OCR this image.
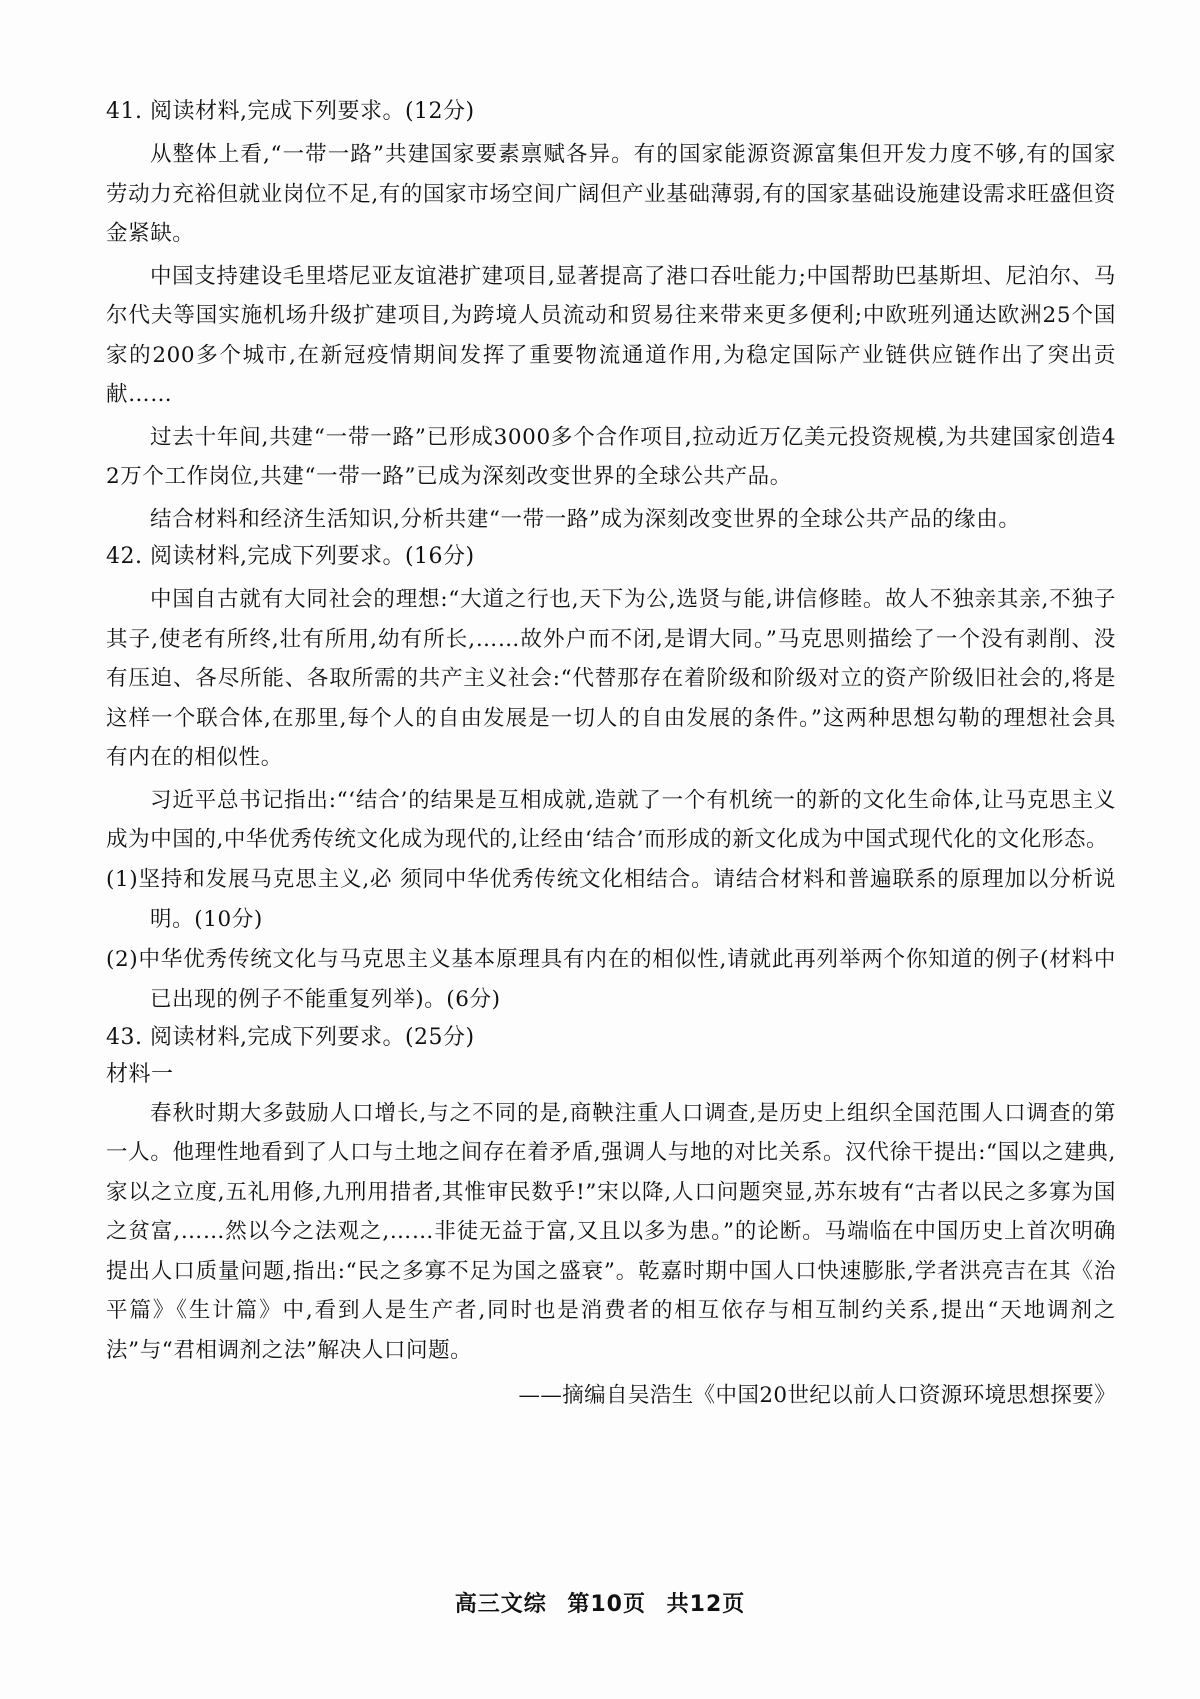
41. 阅读材料,完成下列要求。(12分)

从整体上看,“一带一路”共建国家要素禀赋各异。有的国家能源资源富集但开发力度不够,有的国家劳动力充裕但就业岗位不足,有的国家市场空间广阔但产业基础薄弱,有的国家基础设施建设需求旺盛但资金紧缺。

中国支持建设毛里塔尼亚友谊港扩建项目,显著提高了港口吞吐能力;中国帮助巴基斯坦、尼泊尔、马尔代夫等国实施机场升级扩建项目,为跨境人员流动和贸易往来带来更多便利;中欧班列通达欧洲25个国家的200多个城市,在新冠疫情期间发挥了重要物流通道作用,为稳定国际产业链供应链作出了突出贡献……

过去十年间,共建“一带一路”已形成3000多个合作项目,拉动近万亿美元投资规模,为共建国家创造42万个工作岗位,共建“一带一路”已成为深刻改变世界的全球公共产品。

结合材料和经济生活知识,分析共建“一带一路”成为深刻改变世界的全球公共产品的缘由。

42. 阅读材料,完成下列要求。(16分)

中国自古就有大同社会的理想:“大道之行也,天下为公,选贤与能,讲信修睦。故人不独亲其亲,不独子其子,使老有所终,壮有所用,幼有所长,……故外户而不闭,是谓大同。”马克思则描绘了一个没有剥削、没有压迫、各尽所能、各取所需的共产主义社会:“代替那存在着阶级和阶级对立的资产阶级旧社会的,将是这样一个联合体,在那里,每个人的自由发展是一切人的自由发展的条件。”这两种思想勾勒的理想社会具有内在的相似性。

习近平总书记指出:“‘结合’的结果是互相成就,造就了一个有机统一的新的文化生命体,让马克思主义成为中国的,中华优秀传统文化成为现代的,让经由‘结合’而形成的新文化成为中国式现代化的文化形态。

(1)坚持和发展马克思主义,必 须同中华优秀传统文化相结合。请结合材料和普遍联系的原理加以分析说明。(10分)

(2)中华优秀传统文化与马克思主义基本原理具有内在的相似性,请就此再列举两个你知道的例子(材料中已出现的例子不能重复列举)。(6分)

43. 阅读材料,完成下列要求。(25分)

材料一

春秋时期大多鼓励人口增长,与之不同的是,商鞅注重人口调查,是历史上组织全国范围人口调查的第一人。他理性地看到了人口与土地之间存在着矛盾,强调人与地的对比关系。汉代徐干提出:“国以之建典,家以之立度,五礼用修,九刑用措者,其惟审民数乎!”宋以降,人口问题突显,苏东坡有“古者以民之多寡为国之贫富,……然以今之法观之,……非徒无益于富,又且以多为患。”的论断。马端临在中国历史上首次明确提出人口质量问题,指出:“民之多寡不足为国之盛衰”。乾嘉时期中国人口快速膨胀,学者洪亮吉在其《治平篇》《生计篇》中,看到人是生产者,同时也是消费者的相互依存与相互制约关系,提出“天地调剂之法”与“君相调剂之法”解决人口问题。

——摘编自吴浩生《中国20世纪以前人口资源环境思想探要》

高三文综 第10页 共12页
